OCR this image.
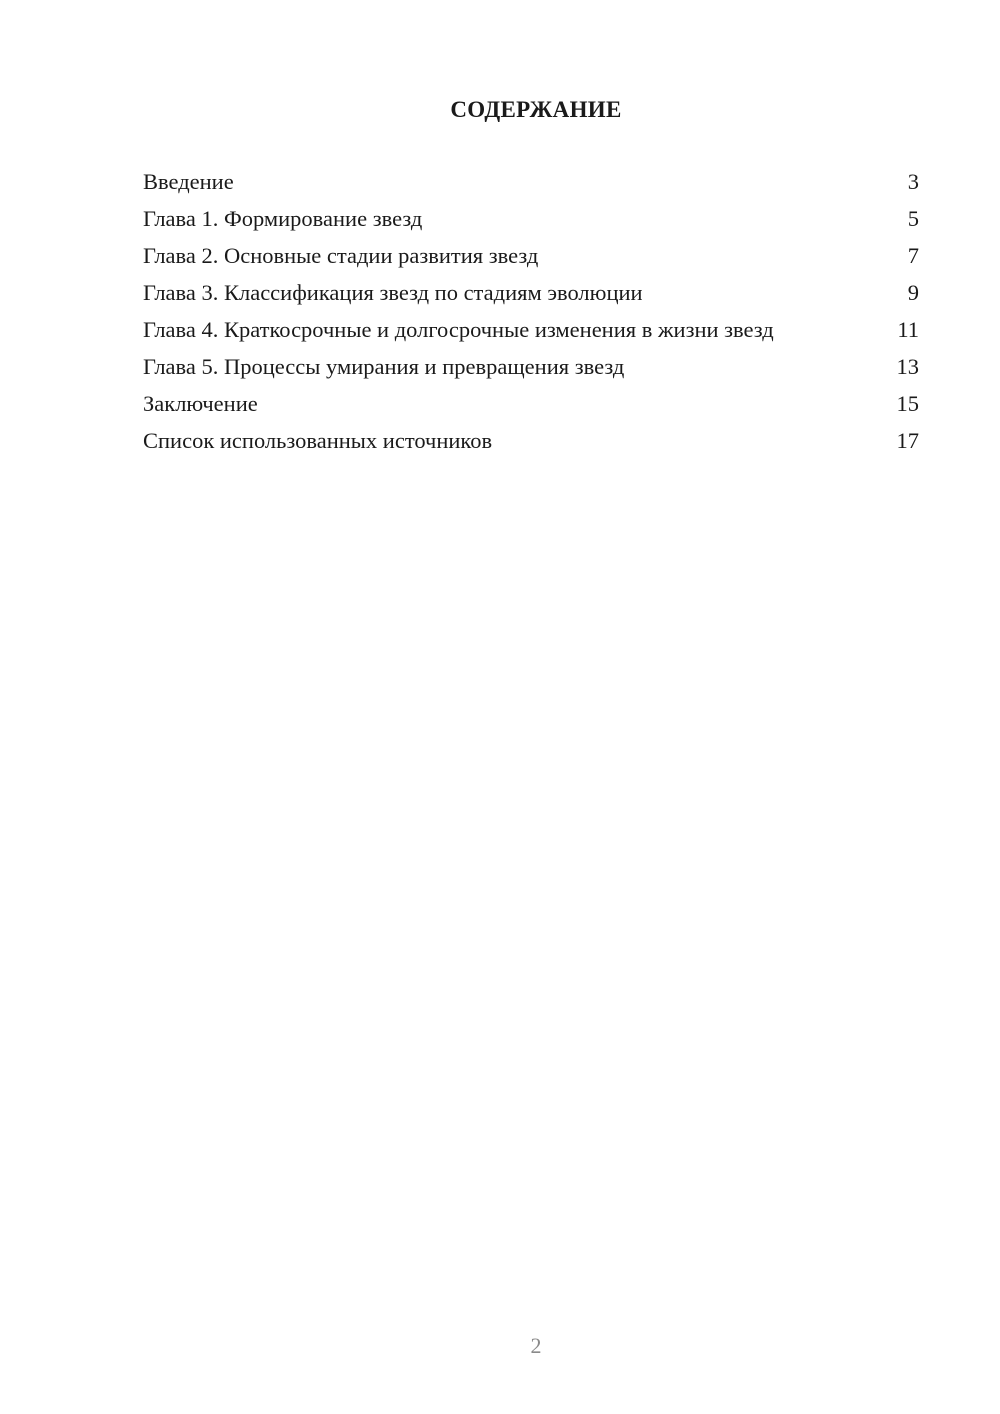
СОДЕРЖАНИЕ
Введение	3
Глава 1. Формирование звезд	5
Глава 2. Основные стадии развития звезд	7
Глава 3. Классификация звезд по стадиям эволюции	9
Глава 4. Краткосрочные и долгосрочные изменения в жизни звезд	11
Глава 5. Процессы умирания и превращения звезд	13
Заключение	15
Список использованных источников	17
2
